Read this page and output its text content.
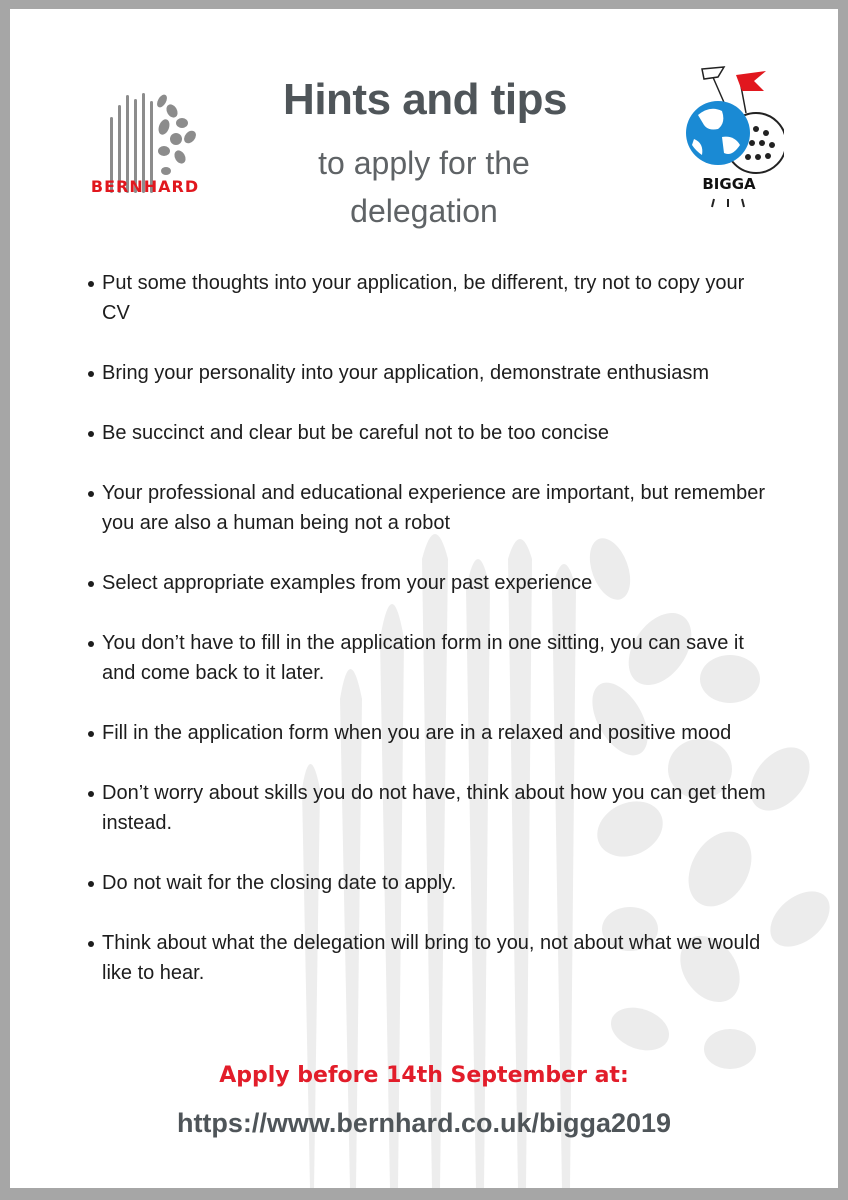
BERNHARD
Hints and tips
to apply for the
delegation
BIGGA
Put some thoughts into your application, be different, try not to copy your CV
Bring your personality into your application, demonstrate enthusiasm
Be succinct and clear but be careful not to be too concise
Your professional and educational experience are important, but remember you are also a human being not a robot
Select appropriate examples from your past experience
You don’t have to fill in the application form in one sitting, you can save it and come back to it later.
Fill in the application form when you are in a relaxed and positive mood
Don’t worry about skills you do not have, think about how you can get them instead.
Do not wait for the closing date to apply.
Think about what the delegation will bring to you, not about what we would like to hear.
Apply before 14th September at:
https://www.bernhard.co.uk/bigga2019
